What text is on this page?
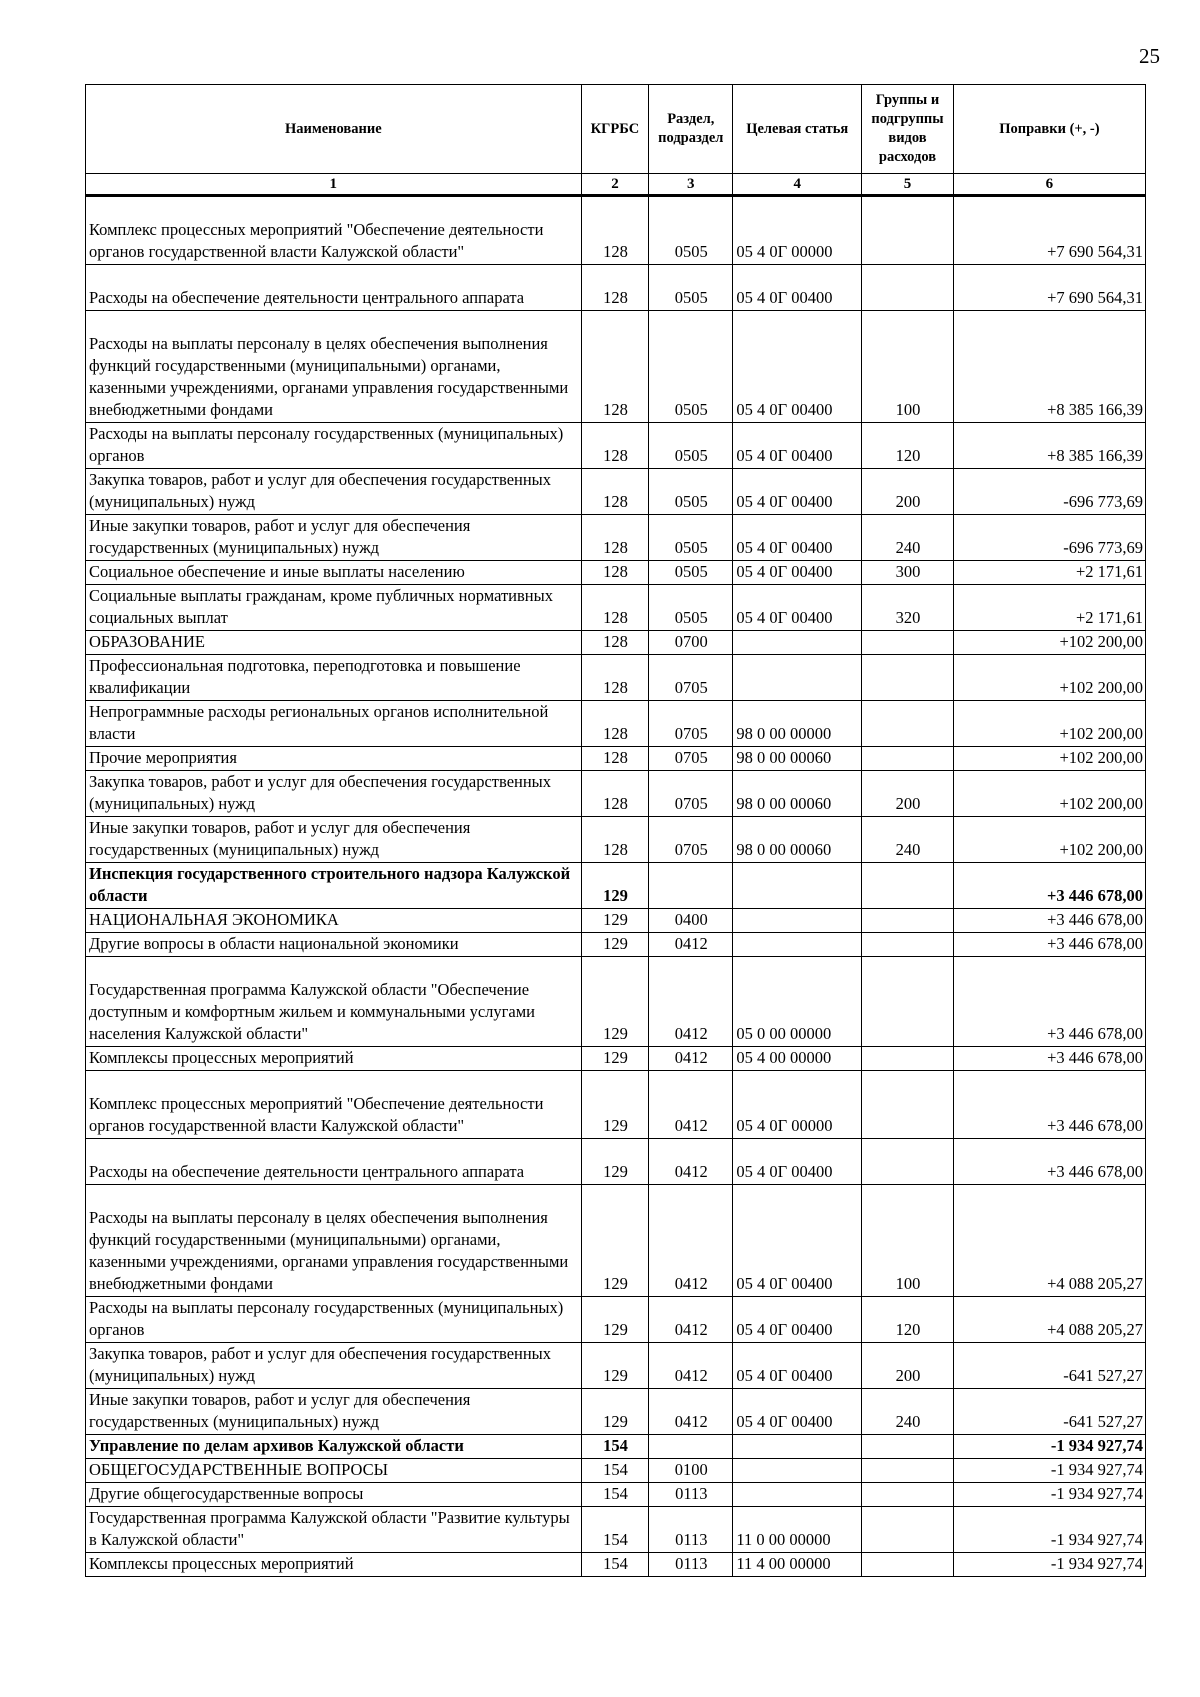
25
Наименование	КГРБС	Раздел, подраздел	Целевая статья	Группы и подгруппы видов расходов	Поправки (+, -)
1	2	3	4	5	6
Комплекс процессных мероприятий "Обеспечение деятельности органов государственной власти Калужской области"	128	0505	05 4 0Г 00000		+7 690 564,31
Расходы на обеспечение деятельности центрального аппарата	128	0505	05 4 0Г 00400		+7 690 564,31
Расходы на выплаты персоналу в целях обеспечения выполнения функций государственными (муниципальными) органами, казенными учреждениями, органами управления государственными внебюджетными фондами	128	0505	05 4 0Г 00400	100	+8 385 166,39
Расходы на выплаты персоналу государственных (муниципальных) органов	128	0505	05 4 0Г 00400	120	+8 385 166,39
Закупка товаров, работ и услуг для обеспечения государственных (муниципальных) нужд	128	0505	05 4 0Г 00400	200	-696 773,69
Иные закупки товаров, работ и услуг для обеспечения государственных (муниципальных) нужд	128	0505	05 4 0Г 00400	240	-696 773,69
Социальное обеспечение и иные выплаты населению	128	0505	05 4 0Г 00400	300	+2 171,61
Социальные выплаты гражданам, кроме публичных нормативных социальных выплат	128	0505	05 4 0Г 00400	320	+2 171,61
ОБРАЗОВАНИЕ	128	0700			+102 200,00
Профессиональная подготовка, переподготовка и повышение квалификации	128	0705			+102 200,00
Непрограммные расходы региональных органов исполнительной власти	128	0705	98 0 00 00000		+102 200,00
Прочие мероприятия	128	0705	98 0 00 00060		+102 200,00
Закупка товаров, работ и услуг для обеспечения государственных (муниципальных) нужд	128	0705	98 0 00 00060	200	+102 200,00
Иные закупки товаров, работ и услуг для обеспечения государственных (муниципальных) нужд	128	0705	98 0 00 00060	240	+102 200,00
Инспекция государственного строительного надзора Калужской области	129				+3 446 678,00
НАЦИОНАЛЬНАЯ ЭКОНОМИКА	129	0400			+3 446 678,00
Другие вопросы в области национальной экономики	129	0412			+3 446 678,00
Государственная программа Калужской области "Обеспечение доступным и комфортным жильем и коммунальными услугами населения Калужской области"	129	0412	05 0 00 00000		+3 446 678,00
Комплексы процессных мероприятий	129	0412	05 4 00 00000		+3 446 678,00
Комплекс процессных мероприятий "Обеспечение деятельности органов государственной власти Калужской области"	129	0412	05 4 0Г 00000		+3 446 678,00
Расходы на обеспечение деятельности центрального аппарата	129	0412	05 4 0Г 00400		+3 446 678,00
Расходы на выплаты персоналу в целях обеспечения выполнения функций государственными (муниципальными) органами, казенными учреждениями, органами управления государственными внебюджетными фондами	129	0412	05 4 0Г 00400	100	+4 088 205,27
Расходы на выплаты персоналу государственных (муниципальных) органов	129	0412	05 4 0Г 00400	120	+4 088 205,27
Закупка товаров, работ и услуг для обеспечения государственных (муниципальных) нужд	129	0412	05 4 0Г 00400	200	-641 527,27
Иные закупки товаров, работ и услуг для обеспечения государственных (муниципальных) нужд	129	0412	05 4 0Г 00400	240	-641 527,27
Управление по делам архивов Калужской области	154				-1 934 927,74
ОБЩЕГОСУДАРСТВЕННЫЕ ВОПРОСЫ	154	0100			-1 934 927,74
Другие общегосударственные вопросы	154	0113			-1 934 927,74
Государственная программа Калужской области "Развитие культуры в Калужской области"	154	0113	11 0 00 00000		-1 934 927,74
Комплексы процессных мероприятий	154	0113	11 4 00 00000		-1 934 927,74
